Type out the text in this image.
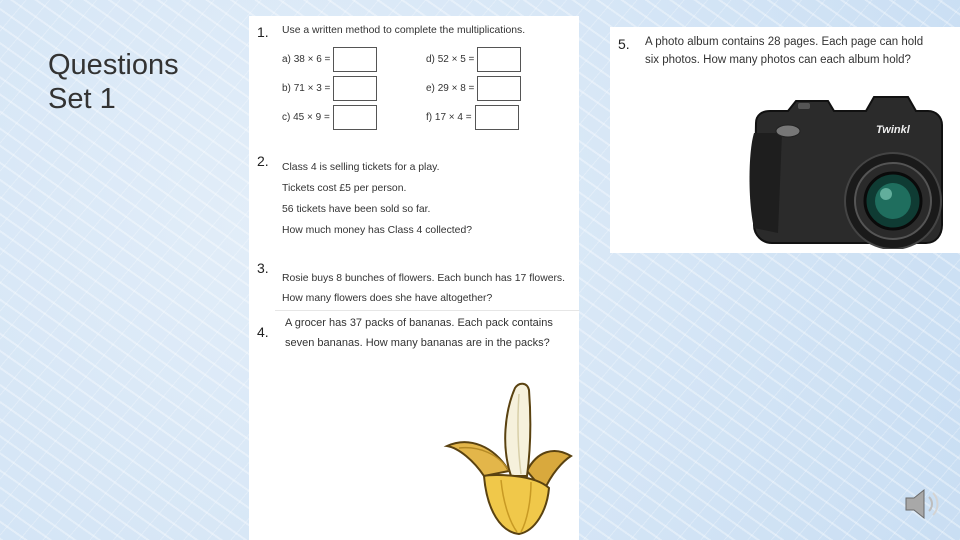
Questions
Set 1
1. Use a written method to complete the multiplications.
a)
38 × 6 =
b)
71 × 3 =
c)
45 × 9 =
d)
52 × 5 =
e)
29 × 8 =
f)
17 × 4 =
2. Class 4 is selling tickets for a play.
Tickets cost £5 per person.
56 tickets have been sold so far.
How much money has Class 4 collected?
3.
Rosie buys 8 bunches of flowers. Each bunch has 17 flowers.
How many flowers does she have altogether?
4.
A grocer has 37 packs of bananas. Each pack contains
seven bananas. How many bananas are in the packs?
5. A photo album contains 28 pages. Each page can hold
six photos. How many photos can each album hold?
Twinkl
